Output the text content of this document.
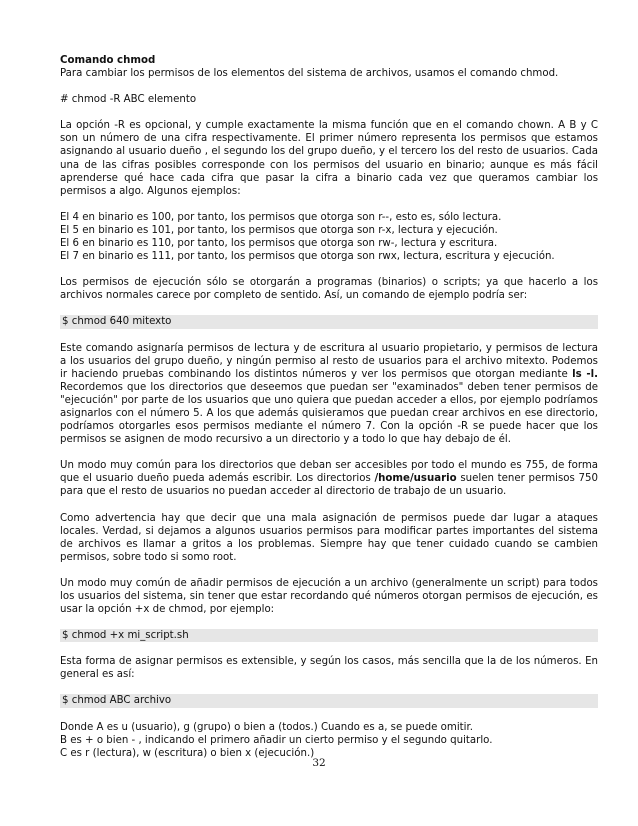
Comando chmod
Para cambiar los permisos de los elementos del sistema de archivos, usamos el comando chmod.

# chmod -R ABC elemento

La opción -R es opcional, y cumple exactamente la misma función que en el comando chown. A B y C son un número de una cifra respectivamente. El primer número representa los permisos que estamos asignando al usuario dueño , el segundo los del grupo dueño, y el tercero los del resto de usuarios. Cada una de las cifras posibles corresponde con los permisos del usuario en binario; aunque es más fácil aprenderse qué hace cada cifra que pasar la cifra a binario cada vez que queramos cambiar los permisos a algo. Algunos ejemplos:

El 4 en binario es 100, por tanto, los permisos que otorga son r--, esto es, sólo lectura.
El 5 en binario es 101, por tanto, los permisos que otorga son r-x, lectura y ejecución.
El 6 en binario es 110, por tanto, los permisos que otorga son rw-, lectura y escritura.
El 7 en binario es 111, por tanto, los permisos que otorga son rwx, lectura, escritura y ejecución.

Los permisos de ejecución sólo se otorgarán a programas (binarios) o scripts; ya que hacerlo a los archivos normales carece por completo de sentido. Así, un comando de ejemplo podría ser:

$ chmod 640 mitexto

Este comando asignaría permisos de lectura y de escritura al usuario propietario, y permisos de lectura a los usuarios del grupo dueño, y ningún permiso al resto de usuarios para el archivo mitexto. Podemos ir haciendo pruebas combinando los distintos números y ver los permisos que otorgan mediante ls -l. Recordemos que los directorios que deseemos que puedan ser "examinados" deben tener permisos de "ejecución" por parte de los usuarios que uno quiera que puedan acceder a ellos, por ejemplo podríamos asignarlos con el número 5. A los que además quisieramos que puedan crear archivos en ese directorio, podríamos otorgarles esos permisos mediante el número 7. Con la opción -R se puede hacer que los permisos se asignen de modo recursivo a un directorio y a todo lo que hay debajo de él.

Un modo muy común para los directorios que deban ser accesibles por todo el mundo es 755, de forma que el usuario dueño pueda además escribir. Los directorios /home/usuario suelen tener permisos 750 para que el resto de usuarios no puedan acceder al directorio de trabajo de un usuario.

Como advertencia hay que decir que una mala asignación de permisos puede dar lugar a ataques locales. Verdad, si dejamos a algunos usuarios permisos para modificar partes importantes del sistema de archivos es llamar a gritos a los problemas. Siempre hay que tener cuidado cuando se cambien permisos, sobre todo si somo root.

Un modo muy común de añadir permisos de ejecución a un archivo (generalmente un script) para todos los usuarios del sistema, sin tener que estar recordando qué números otorgan permisos de ejecución, es usar la opción +x de chmod, por ejemplo:

$ chmod +x mi_script.sh

Esta forma de asignar permisos es extensible, y según los casos, más sencilla que la de los números. En general es así:

$ chmod ABC archivo
Donde A es u (usuario), g (grupo) o bien a (todos.) Cuando es a, se puede omitir.
B es + o bien - , indicando el primero añadir un cierto permiso y el segundo quitarlo.
C es r (lectura), w (escritura) o bien x (ejecución.)
32
